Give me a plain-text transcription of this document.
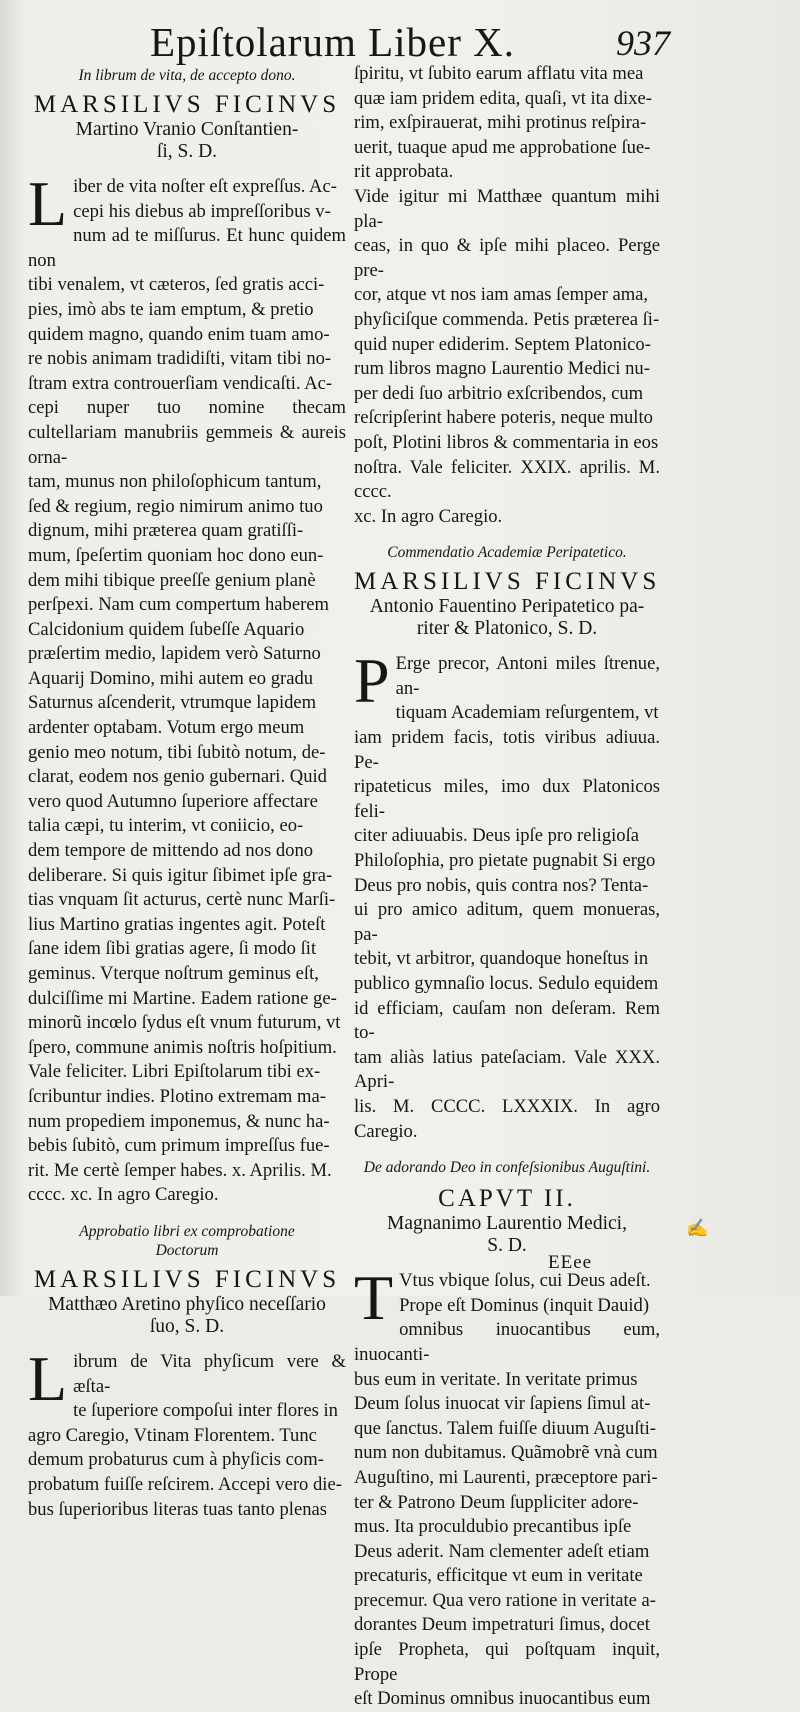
Epiſtolarum Liber X.	937
In librum de vita, de accepto dono.
MARSILIVS FICINVS
Martino Vranio Conſtantien-
ſi, S. D.
L iber de vita noſter eſt expreſſus. Ac-
cepi his diebus ab impreſſoribus v-
num ad te miſſurus. Et hunc quidem non
tibi venalem, vt cæteros, ſed gratis acci-
pies, imò abs te iam emptum, & pretio
quidem magno, quando enim tuam amo-
re nobis animam tradidiſti, vitam tibi no-
ſtram extra controuerſiam vendicaſti. Ac-
cepi nuper tuo nomine thecam cultellariam manubriis gemmeis & aureis orna-
tam, munus non philoſophicum tantum,
ſed & regium, regio nimirum animo tuo
dignum, mihi præterea quam gratiſſi-
mum, ſpeſertim quoniam hoc dono eun-
dem mihi tibique preeſſe genium planè
perſpexi. Nam cum compertum haberem
Calcidonium quidem ſubeſſe Aquario
præſertim medio, lapidem verò Saturno
Aquarij Domino, mihi autem eo gradu
Saturnus aſcenderit, vtrumque lapidem
ardenter optabam. Votum ergo meum
genio meo notum, tibi ſubitò notum, de-
clarat, eodem nos genio gubernari. Quid
vero quod Autumno ſuperiore affectare
talia cæpi, tu interim, vt coniicio, eo-
dem tempore de mittendo ad nos dono
deliberare. Si quis igitur ſibimet ipſe gra-
tias vnquam ſit acturus, certè nunc Marſi-
lius Martino gratias ingentes agit. Poteſt
ſane idem ſibi gratias agere, ſi modo ſit
geminus. Vterque noſtrum geminus eſt,
dulciſſime mi Martine. Eadem ratione ge-
minorũ incœlo ſydus eſt vnum futurum, vt
ſpero, commune animis noſtris hoſpitium.
Vale feliciter. Libri Epiſtolarum tibi ex-
ſcribuntur indies. Plotino extremam ma-
num propediem imponemus, & nunc ha-
bebis ſubitò, cum primum impreſſus fue-
rit. Me certè ſemper habes. x. Aprilis. M.
cccc. xc. In agro Caregio.

Approbatio libri ex comprobatione
Doctorum
MARSILIVS FICINVS
Matthæo Aretino phyſico neceſſario
ſuo, S. D.
L ibrum de Vita phyſicum vere & æſta-
te ſuperiore compoſui inter flores in
agro Caregio, Vtinam Florentem. Tunc
demum probaturus cum à phyſicis com-
probatum fuiſſe reſcirem. Accepi vero die-
bus ſuperioribus literas tuas tanto plenas

ſpiritu, vt ſubito earum afflatu vita mea
quæ iam pridem edita, quaſi, vt ita dixe-
rim, exſpirauerat, mihi protinus reſpira-
uerit, tuaque apud me approbatione ſue-
rit approbata.
Vide igitur mi Matthæe quantum mihi pla-
ceas, in quo & ipſe mihi placeo. Perge pre-
cor, atque vt nos iam amas ſemper ama,
phyſiciſque commenda. Petis præterea ſi-
quid nuper ediderim. Septem Platonico-
rum libros magno Laurentio Medici nu-
per dedi ſuo arbitrio exſcribendos, cum
reſcripſerint habere poteris, neque multo
poſt, Plotini libros & commentaria in eos
noſtra. Vale feliciter. XXIX. aprilis. M. cccc.
xc. In agro Caregio.

Commendatio Academiæ Peripatetico.
MARSILIVS FICINVS
Antonio Fauentino Peripatetico pa-
riter & Platonico, S. D.
P Erge precor, Antoni miles ſtrenue, an-
tiquam Academiam reſurgentem, vt
iam pridem facis, totis viribus adiuua. Pe-
ripateticus miles, imo dux Platonicos feli-
citer adiuuabis. Deus ipſe pro religioſa
Philoſophia, pro pietate pugnabit Si ergo
Deus pro nobis, quis contra nos? Tenta-
ui pro amico aditum, quem monueras, pa-
tebit, vt arbitror, quandoque honeſtus in
publico gymnaſio locus. Sedulo equidem
id efficiam, cauſam non deſeram. Rem to-
tam aliàs latius pateſaciam. Vale XXX. Apri-
lis. M. CCCC. LXXXIX. In agro Caregio.

De adorando Deo in confeſsionibus Auguſtini.
CAPVT II.
Magnanimo Laurentio Medici,
S. D.
T Vtus vbique ſolus, cui Deus adeſt.
Prope eſt Dominus (inquit Dauid)
omnibus inuocantibus eum, inuocanti-
bus eum in veritate. In veritate primus
Deum ſolus inuocat vir ſapiens ſimul at-
que ſanctus. Talem fuiſſe diuum Auguſti-
num non dubitamus. Quãmobrẽ vnà cum
Auguſtino, mi Laurenti, præceptore pari-
ter & Patrono Deum ſuppliciter adore-
mus. Ita proculdubio precantibus ipſe
Deus aderit. Nam clementer adeſt etiam
precaturis, efficitque vt eum in veritate
precemur. Qua vero ratione in veritate a-
dorantes Deum impetraturi ſimus, docet
ipſe Propheta, qui poſtquam inquit, Prope
eſt Dominus omnibus inuocantibus eum

✍
EEee
